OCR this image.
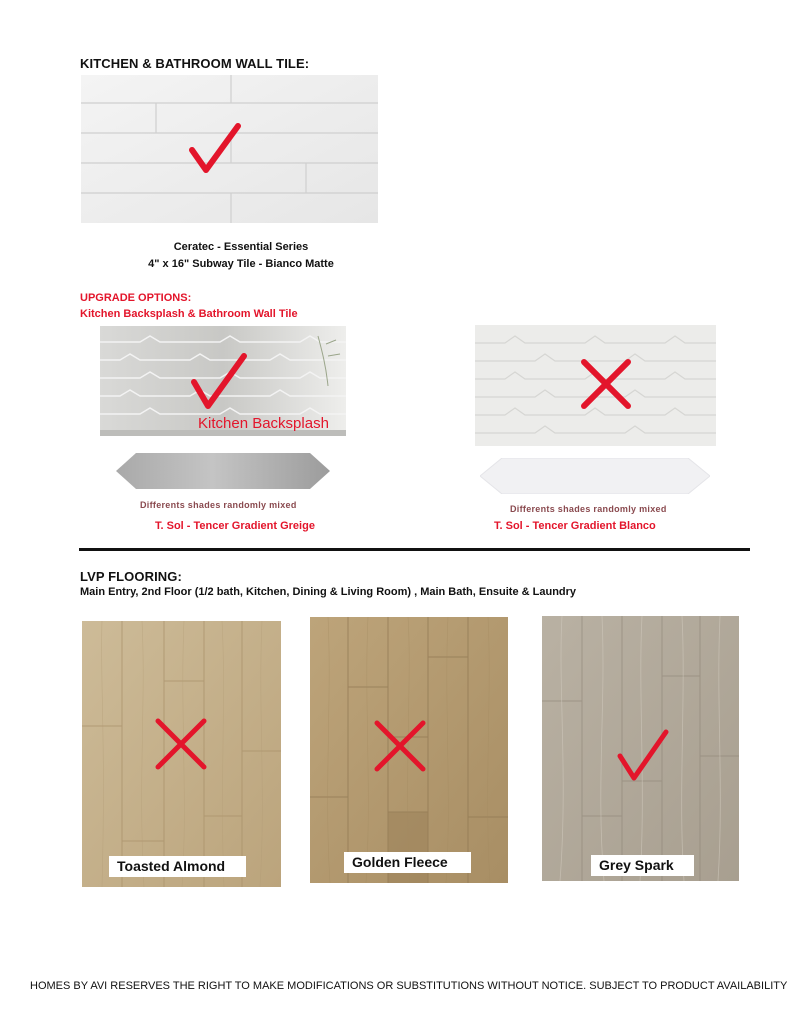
KITCHEN & BATHROOM WALL TILE:
Ceratec - Essential Series
4" x 16" Subway Tile - Bianco Matte
UPGRADE OPTIONS:
Kitchen Backsplash & Bathroom Wall Tile
Kitchen Backsplash
Differents shades randomly mixed	Differents shades randomly mixed
T. Sol - Tencer Gradient Greige	T. Sol - Tencer Gradient Blanco
LVP FLOORING:
Main Entry, 2nd Floor (1/2 bath, Kitchen, Dining & Living Room) , Main Bath, Ensuite & Laundry
Toasted Almond	Golden Fleece	Grey Spark
HOMES BY AVI RESERVES THE RIGHT TO MAKE MODIFICATIONS OR SUBSTITUTIONS WITHOUT NOTICE. SUBJECT TO PRODUCT AVAILABILITY
